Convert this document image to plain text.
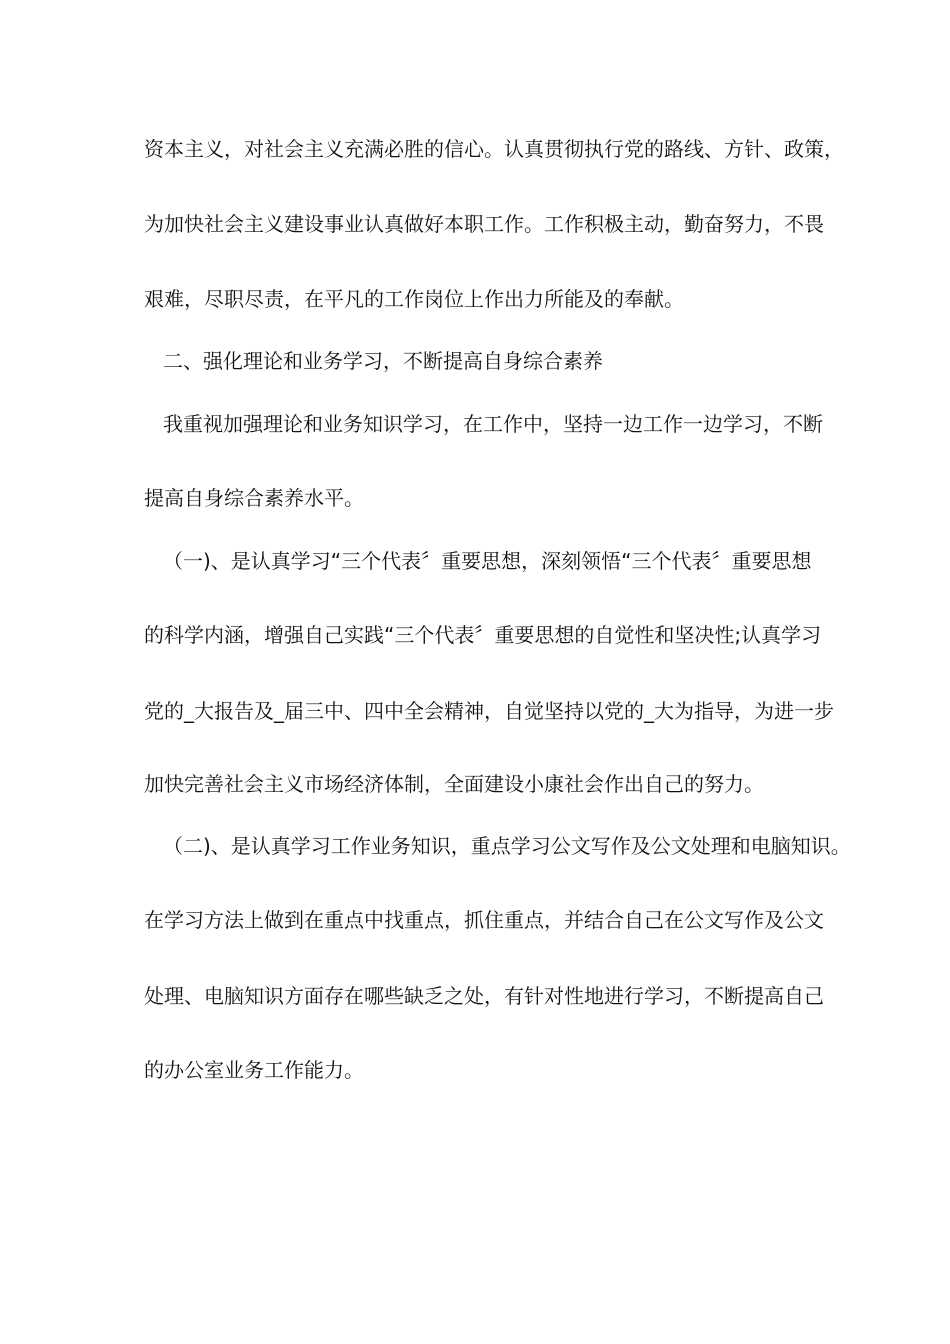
资本主义，对社会主义充满必胜的信心。认真贯彻执行党的路线、方针、政策，
为加快社会主义建设事业认真做好本职工作。工作积极主动，勤奋努力，不畏
艰难，尽职尽责，在平凡的工作岗位上作出力所能及的奉献。
二、强化理论和业务学习，不断提高自身综合素养
我重视加强理论和业务知识学习，在工作中，坚持一边工作一边学习，不断
提高自身综合素养水平。
（一)、是认真学习“三个代表〞重要思想，深刻领悟“三个代表〞重要思想
的科学内涵，增强自己实践“三个代表〞重要思想的自觉性和坚决性;认真学习
党的_大报告及_届三中、四中全会精神，自觉坚持以党的_大为指导，为进一步
加快完善社会主义市场经济体制，全面建设小康社会作出自己的努力。
（二)、是认真学习工作业务知识，重点学习公文写作及公文处理和电脑知识。
在学习方法上做到在重点中找重点，抓住重点，并结合自己在公文写作及公文
处理、电脑知识方面存在哪些缺乏之处，有针对性地进行学习，不断提高自己
的办公室业务工作能力。
